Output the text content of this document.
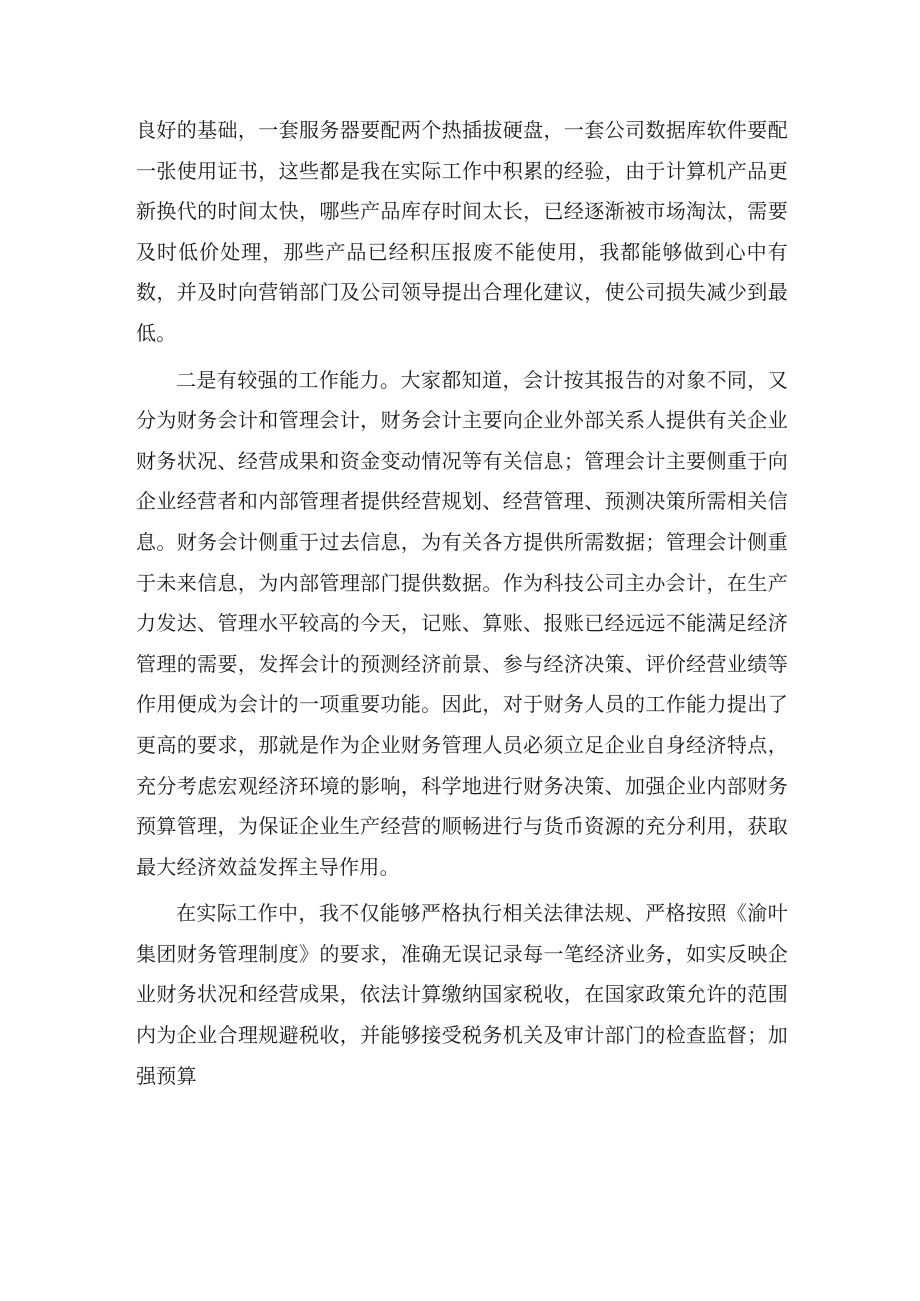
良好的基础，一套服务器要配两个热插拔硬盘，一套公司数据库软件要配一张使用证书，这些都是我在实际工作中积累的经验，由于计算机产品更新换代的时间太快，哪些产品库存时间太长，已经逐渐被市场淘汰，需要及时低价处理，那些产品已经积压报废不能使用，我都能够做到心中有数，并及时向营销部门及公司领导提出合理化建议，使公司损失减少到最低。

二是有较强的工作能力。大家都知道，会计按其报告的对象不同，又分为财务会计和管理会计，财务会计主要向企业外部关系人提供有关企业财务状况、经营成果和资金变动情况等有关信息；管理会计主要侧重于向企业经营者和内部管理者提供经营规划、经营管理、预测决策所需相关信息。财务会计侧重于过去信息，为有关各方提供所需数据；管理会计侧重于未来信息，为内部管理部门提供数据。作为科技公司主办会计，在生产力发达、管理水平较高的今天，记账、算账、报账已经远远不能满足经济管理的需要，发挥会计的预测经济前景、参与经济决策、评价经营业绩等作用便成为会计的一项重要功能。因此，对于财务人员的工作能力提出了更高的要求，那就是作为企业财务管理人员必须立足企业自身经济特点，充分考虑宏观经济环境的影响，科学地进行财务决策、加强企业内部财务预算管理，为保证企业生产经营的顺畅进行与货币资源的充分利用，获取最大经济效益发挥主导作用。

在实际工作中，我不仅能够严格执行相关法律法规、严格按照《渝叶集团财务管理制度》的要求，准确无误记录每一笔经济业务，如实反映企业财务状况和经营成果，依法计算缴纳国家税收，在国家政策允许的范围内为企业合理规避税收，并能够接受税务机关及审计部门的检查监督；加强预算
